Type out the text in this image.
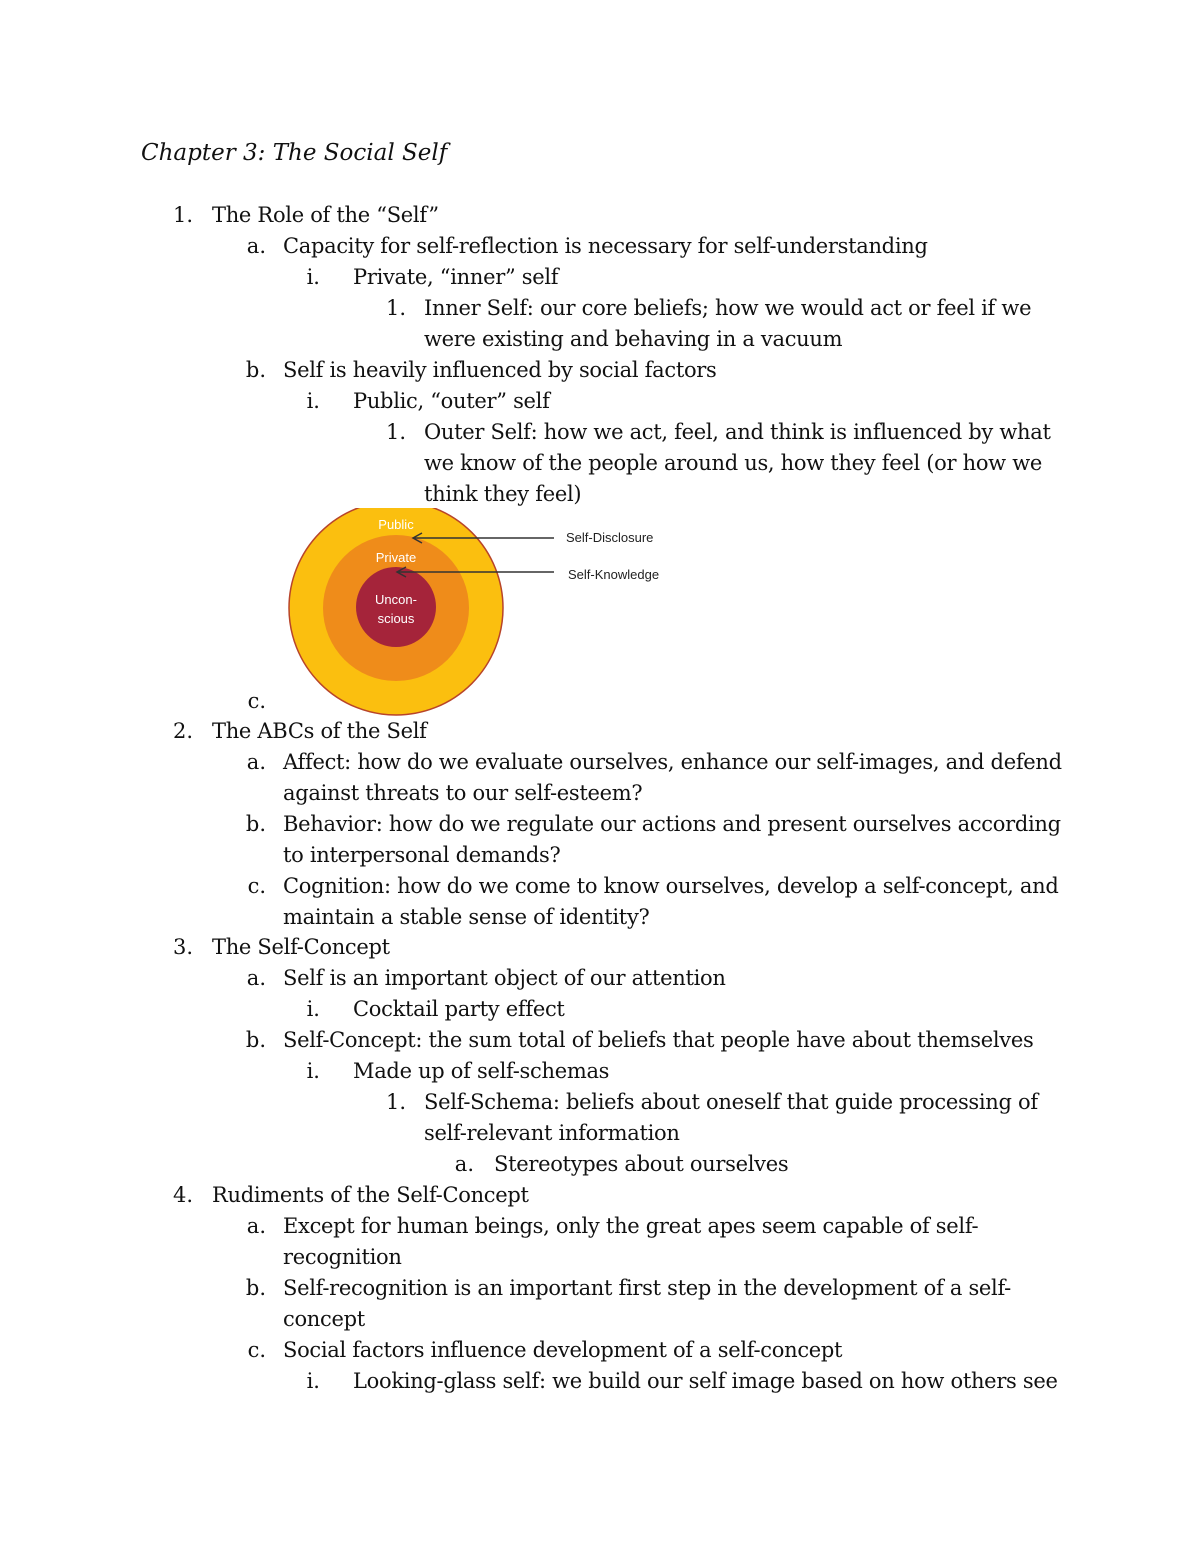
Chapter 3: The Social Self
1. The Role of the “Self”
a. Capacity for self-reflection is necessary for self-understanding
i. Private, “inner” self
1. Inner Self: our core beliefs; how we would act or feel if we
were existing and behaving in a vacuum
b. Self is heavily influenced by social factors
i. Public, “outer” self
1. Outer Self: how we act, feel, and think is influenced by what
we know of the people around us, how they feel (or how we
think they feel)
c.
2. The ABCs of the Self
a. Affect: how do we evaluate ourselves, enhance our self-images, and defend
against threats to our self-esteem?
b. Behavior: how do we regulate our actions and present ourselves according
to interpersonal demands?
c. Cognition: how do we come to know ourselves, develop a self-concept, and
maintain a stable sense of identity?
3. The Self-Concept
a. Self is an important object of our attention
i. Cocktail party effect
b. Self-Concept: the sum total of beliefs that people have about themselves
i. Made up of self-schemas
1. Self-Schema: beliefs about oneself that guide processing of
self-relevant information
a. Stereotypes about ourselves
4. Rudiments of the Self-Concept
a. Except for human beings, only the great apes seem capable of self-
recognition
b. Self-recognition is an important first step in the development of a self-
concept
c. Social factors influence development of a self-concept
i. Looking-glass self: we build our self image based on how others see
Public
Private
Uncon-
scious
Self-Disclosure
Self-Knowledge
